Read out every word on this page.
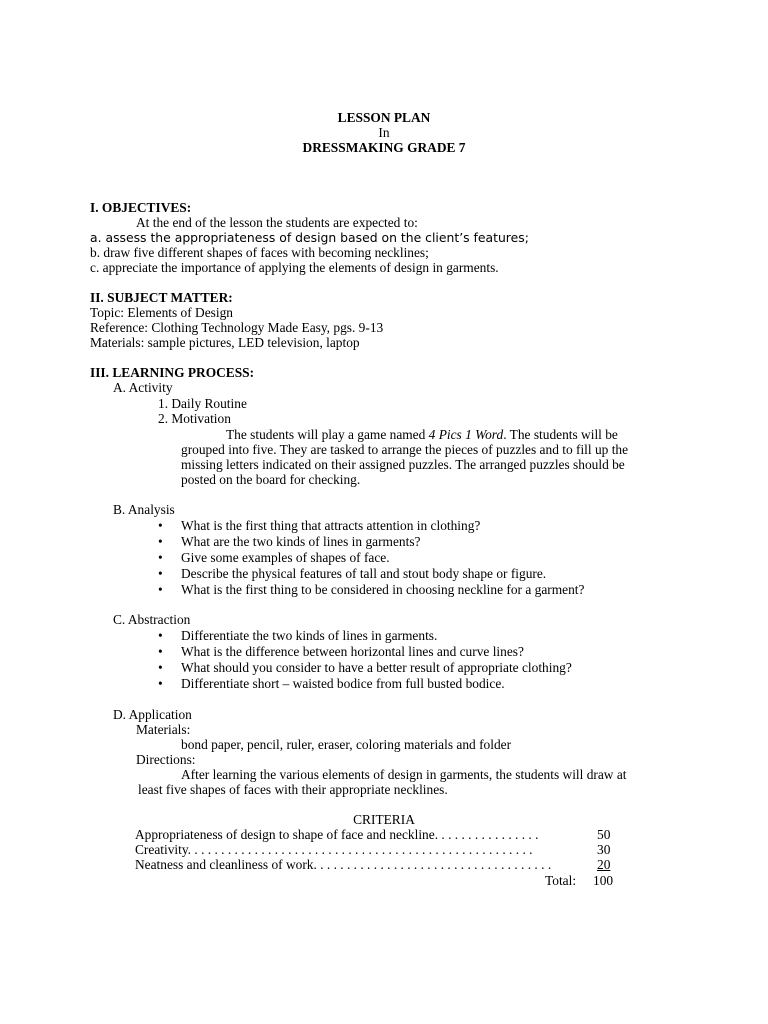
LESSON PLAN
In
DRESSMAKING GRADE 7
I. OBJECTIVES:
At the end of the lesson the students are expected to:
a. assess the appropriateness of design based on the client’s features;
b. draw five different shapes of faces with becoming necklines;
c. appreciate the importance of applying the elements of design in garments.
II. SUBJECT MATTER:
Topic: Elements of Design
Reference: Clothing Technology Made Easy, pgs. 9-13
Materials: sample pictures, LED television, laptop
III. LEARNING PROCESS:
A. Activity
1. Daily Routine
2. Motivation
The students will play a game named 4 Pics 1 Word. The students will be
grouped into five. They are tasked to arrange the pieces of puzzles and to fill up the
missing letters indicated on their assigned puzzles. The arranged puzzles should be
posted on the board for checking.
B. Analysis
• What is the first thing that attracts attention in clothing?
• What are the two kinds of lines in garments?
• Give some examples of shapes of face.
• Describe the physical features of tall and stout body shape or figure.
• What is the first thing to be considered in choosing neckline for a garment?
C. Abstraction
• Differentiate the two kinds of lines in garments.
• What is the difference between horizontal lines and curve lines?
• What should you consider to have a better result of appropriate clothing?
• Differentiate short – waisted bodice from full busted bodice.
D. Application
Materials:
bond paper, pencil, ruler, eraser, coloring materials and folder
Directions:
After learning the various elements of design in garments, the students will draw at
least five shapes of faces with their appropriate necklines.
CRITERIA
Appropriateness of design to shape of face and neckline. . . . . . . . . . . . . . . .	50
Creativity. . . . . . . . . . . . . . . . . . . . . . . . . . . . . . . . . . . . . . . . . . . . . . . . . . . .	30
Neatness and cleanliness of work. . . . . . . . . . . . . . . . . . . . . . . . . . . . . . . . . . . .	20
Total: 100
